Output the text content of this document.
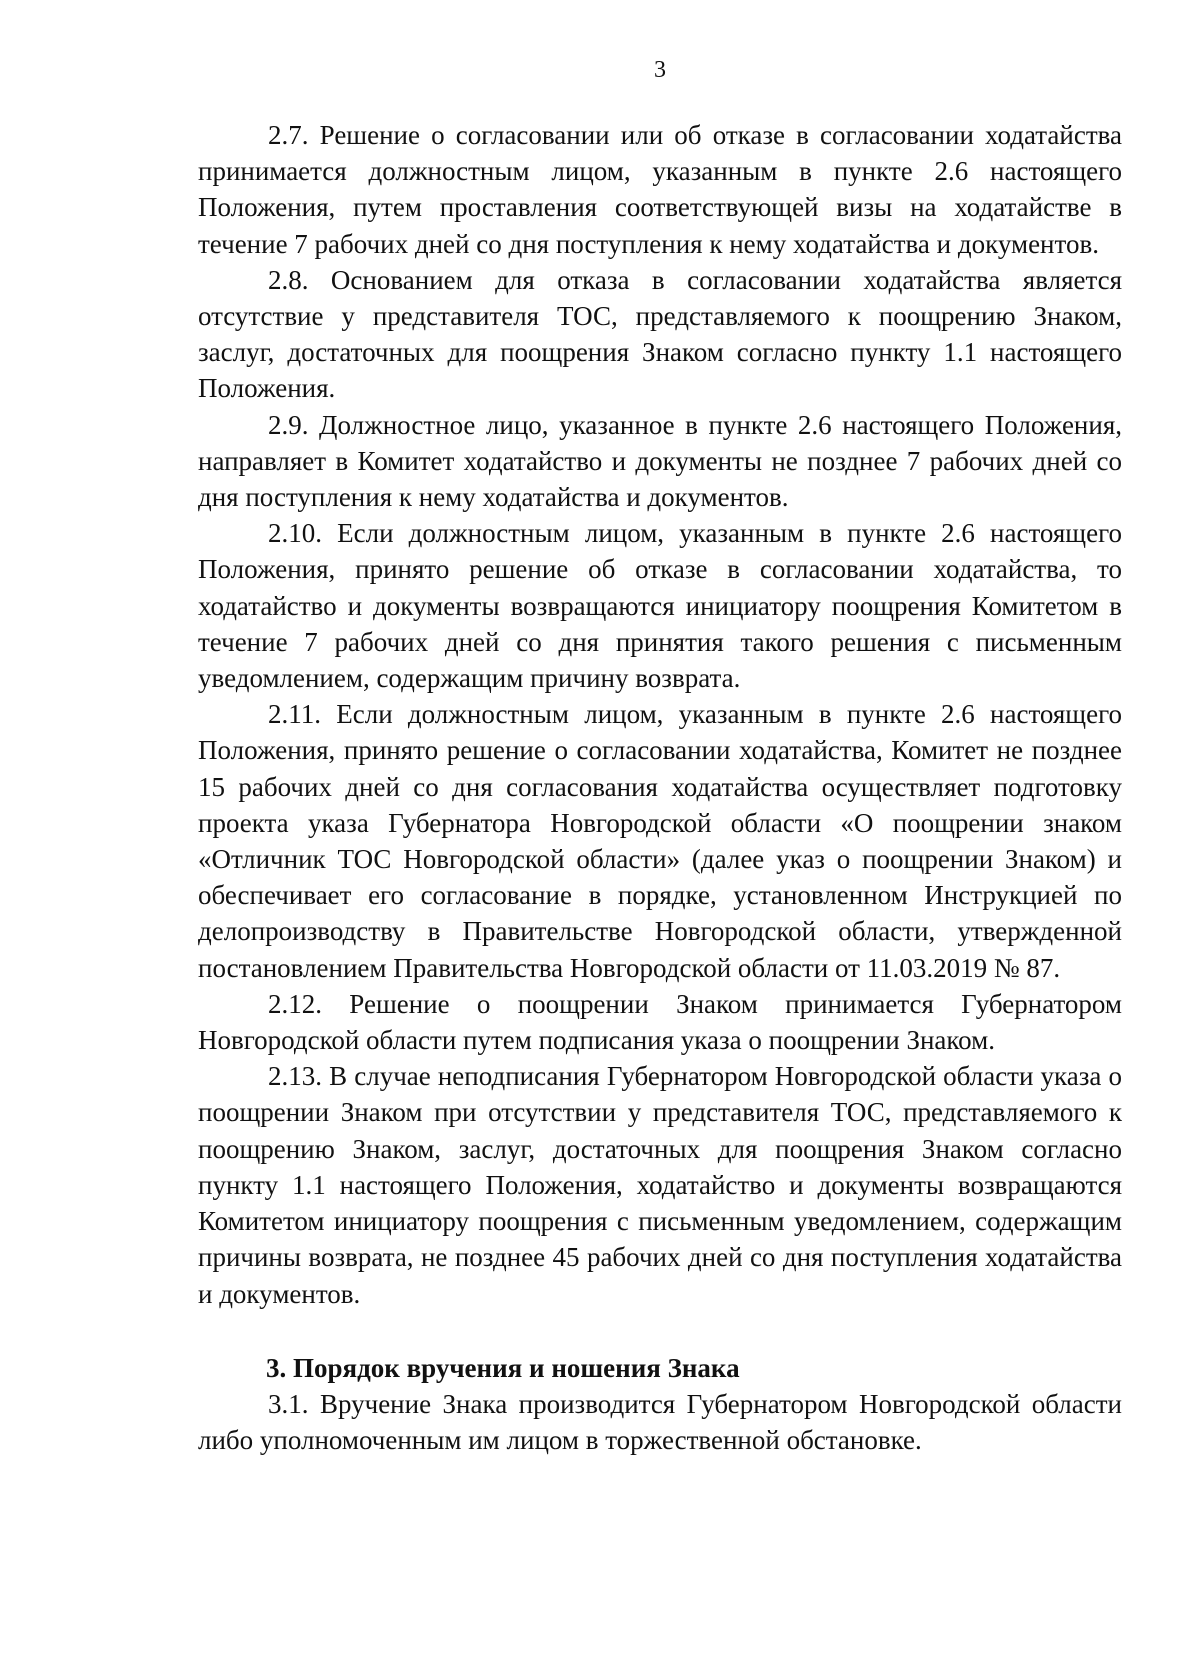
3

2.7. Решение о согласовании или об отказе в согласовании ходатайства принимается должностным лицом, указанным в пункте 2.6 настоящего Положения, путем проставления соответствующей визы на ходатайстве в течение 7 рабочих дней со дня поступления к нему ходатайства и документов.

2.8. Основанием для отказа в согласовании ходатайства является отсутствие у представителя ТОС, представляемого к поощрению Знаком, заслуг, достаточных для поощрения Знаком согласно пункту 1.1 настоящего Положения.

2.9. Должностное лицо, указанное в пункте 2.6 настоящего Положения, направляет в Комитет ходатайство и документы не позднее 7 рабочих дней со дня поступления к нему ходатайства и документов.

2.10. Если должностным лицом, указанным в пункте 2.6 настоящего Положения, принято решение об отказе в согласовании ходатайства, то ходатайство и документы возвращаются инициатору поощрения Комитетом в течение 7 рабочих дней со дня принятия такого решения с письменным уведомлением, содержащим причину возврата.

2.11. Если должностным лицом, указанным в пункте 2.6 настоящего Положения, принято решение о согласовании ходатайства, Комитет не позднее 15 рабочих дней со дня согласования ходатайства осуществляет подготовку проекта указа Губернатора Новгородской области «О поощрении знаком «Отличник ТОС Новгородской области» (далее указ о поощрении Знаком) и обеспечивает его согласование в порядке, установленном Инструкцией по делопроизводству в Правительстве Новгородской области, утвержденной постановлением Правительства Новгородской области от 11.03.2019 № 87.

2.12. Решение о поощрении Знаком принимается Губернатором Новгородской области путем подписания указа о поощрении Знаком.

2.13. В случае неподписания Губернатором Новгородской области указа о поощрении Знаком при отсутствии у представителя ТОС, представляемого к поощрению Знаком, заслуг, достаточных для поощрения Знаком согласно пункту 1.1 настоящего Положения, ходатайство и документы возвращаются Комитетом инициатору поощрения с письменным уведомлением, содержащим причины возврата, не позднее 45 рабочих дней со дня поступления ходатайства и документов.

3. Порядок вручения и ношения Знака

3.1. Вручение Знака производится Губернатором Новгородской области либо уполномоченным им лицом в торжественной обстановке.
